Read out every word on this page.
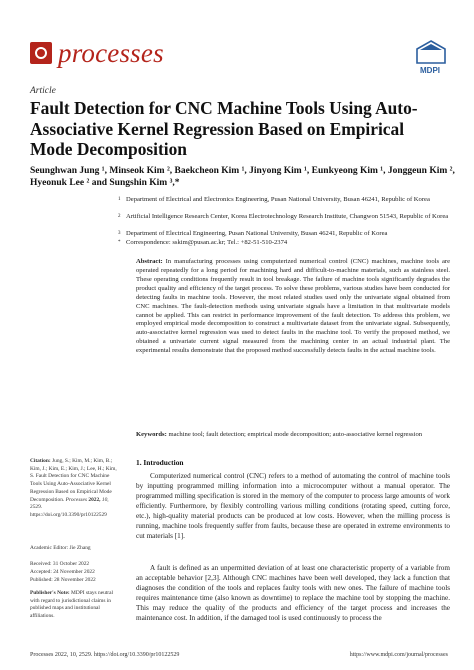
processes
MDPI
Article
Fault Detection for CNC Machine Tools Using Auto-Associative Kernel Regression Based on Empirical Mode Decomposition
Seunghwan Jung ¹, Minseok Kim ², Baekcheon Kim ¹, Jinyong Kim ¹, Eunkyeong Kim ¹, Jonggeun Kim ²,
Hyeonuk Lee ² and Sungshin Kim ³,*
1 Department of Electrical and Electronics Engineering, Pusan National University, Busan 46241, Republic of Korea
2 Artificial Intelligence Research Center, Korea Electrotechnology Research Institute, Changwon 51543, Republic of Korea
3 Department of Electrical Engineering, Pusan National University, Busan 46241, Republic of Korea
* Correspondence: sskim@pusan.ac.kr; Tel.: +82-51-510-2374
Abstract: In manufacturing processes using computerized numerical control (CNC) machines, machine tools are operated repeatedly for a long period for machining hard and difficult-to-machine materials, such as stainless steel. These operating conditions frequently result in tool breakage. The failure of machine tools significantly degrades the product quality and efficiency of the target process. To solve these problems, various studies have been conducted for detecting faults in machine tools. However, the most related studies used only the univariate signal obtained from CNC machines. The fault-detection methods using univariate signals have a limitation in that multivariate models cannot be applied. This can restrict in performance improvement of the fault detection. To address this problem, we employed empirical mode decomposition to construct a multivariate dataset from the univariate signal. Subsequently, auto-associative kernel regression was used to detect faults in the machine tool. To verify the proposed method, we obtained a univariate current signal measured from the machining center in an actual industrial plant. The experimental results demonstrate that the proposed method successfully detects faults in the actual machine tools.
Keywords: machine tool; fault detection; empirical mode decomposition; auto-associative kernel regression
Citation: Jung, S.; Kim, M.; Kim, B.; Kim, J.; Kim, E.; Kim, J.; Lee, H.; Kim, S. Fault Detection for CNC Machine Tools Using Auto-Associative Kernel Regression Based on Empirical Mode Decomposition. Processes 2022, 10, 2529. https://doi.org/10.3390/pr10122529
Academic Editor: Jie Zhang
Received: 31 October 2022
Accepted: 24 November 2022
Published: 28 November 2022
Publisher's Note: MDPI stays neutral with regard to jurisdictional claims in published maps and institutional affiliations.
1. Introduction
Computerized numerical control (CNC) refers to a method of automating the control of machine tools by inputting programmed milling information into a microcomputer without a manual operator. The programmed milling specification is stored in the memory of the computer to process large amounts of work efficiently. Furthermore, by flexibly controlling various milling conditions (rotating speed, cutting force, etc.), high-quality material products can be produced at low costs. However, when the milling process is running, machine tools frequently suffer from faults, because these are operated in extreme environments to cut materials [1].
A fault is defined as an unpermitted deviation of at least one characteristic property of a variable from an acceptable behavior [2,3]. Although CNC machines have been well developed, they lack a function that diagnoses the condition of the tools and replaces faulty tools with new ones. The failure of machine tools requires maintenance time (also known as downtime) to replace the machine tool by stopping the machine. This may reduce the quality of the products and efficiency of the target process and increases the maintenance cost. In addition, if the damaged tool is used continuously to process the
Processes 2022, 10, 2529. https://doi.org/10.3390/pr10122529	https://www.mdpi.com/journal/processes
